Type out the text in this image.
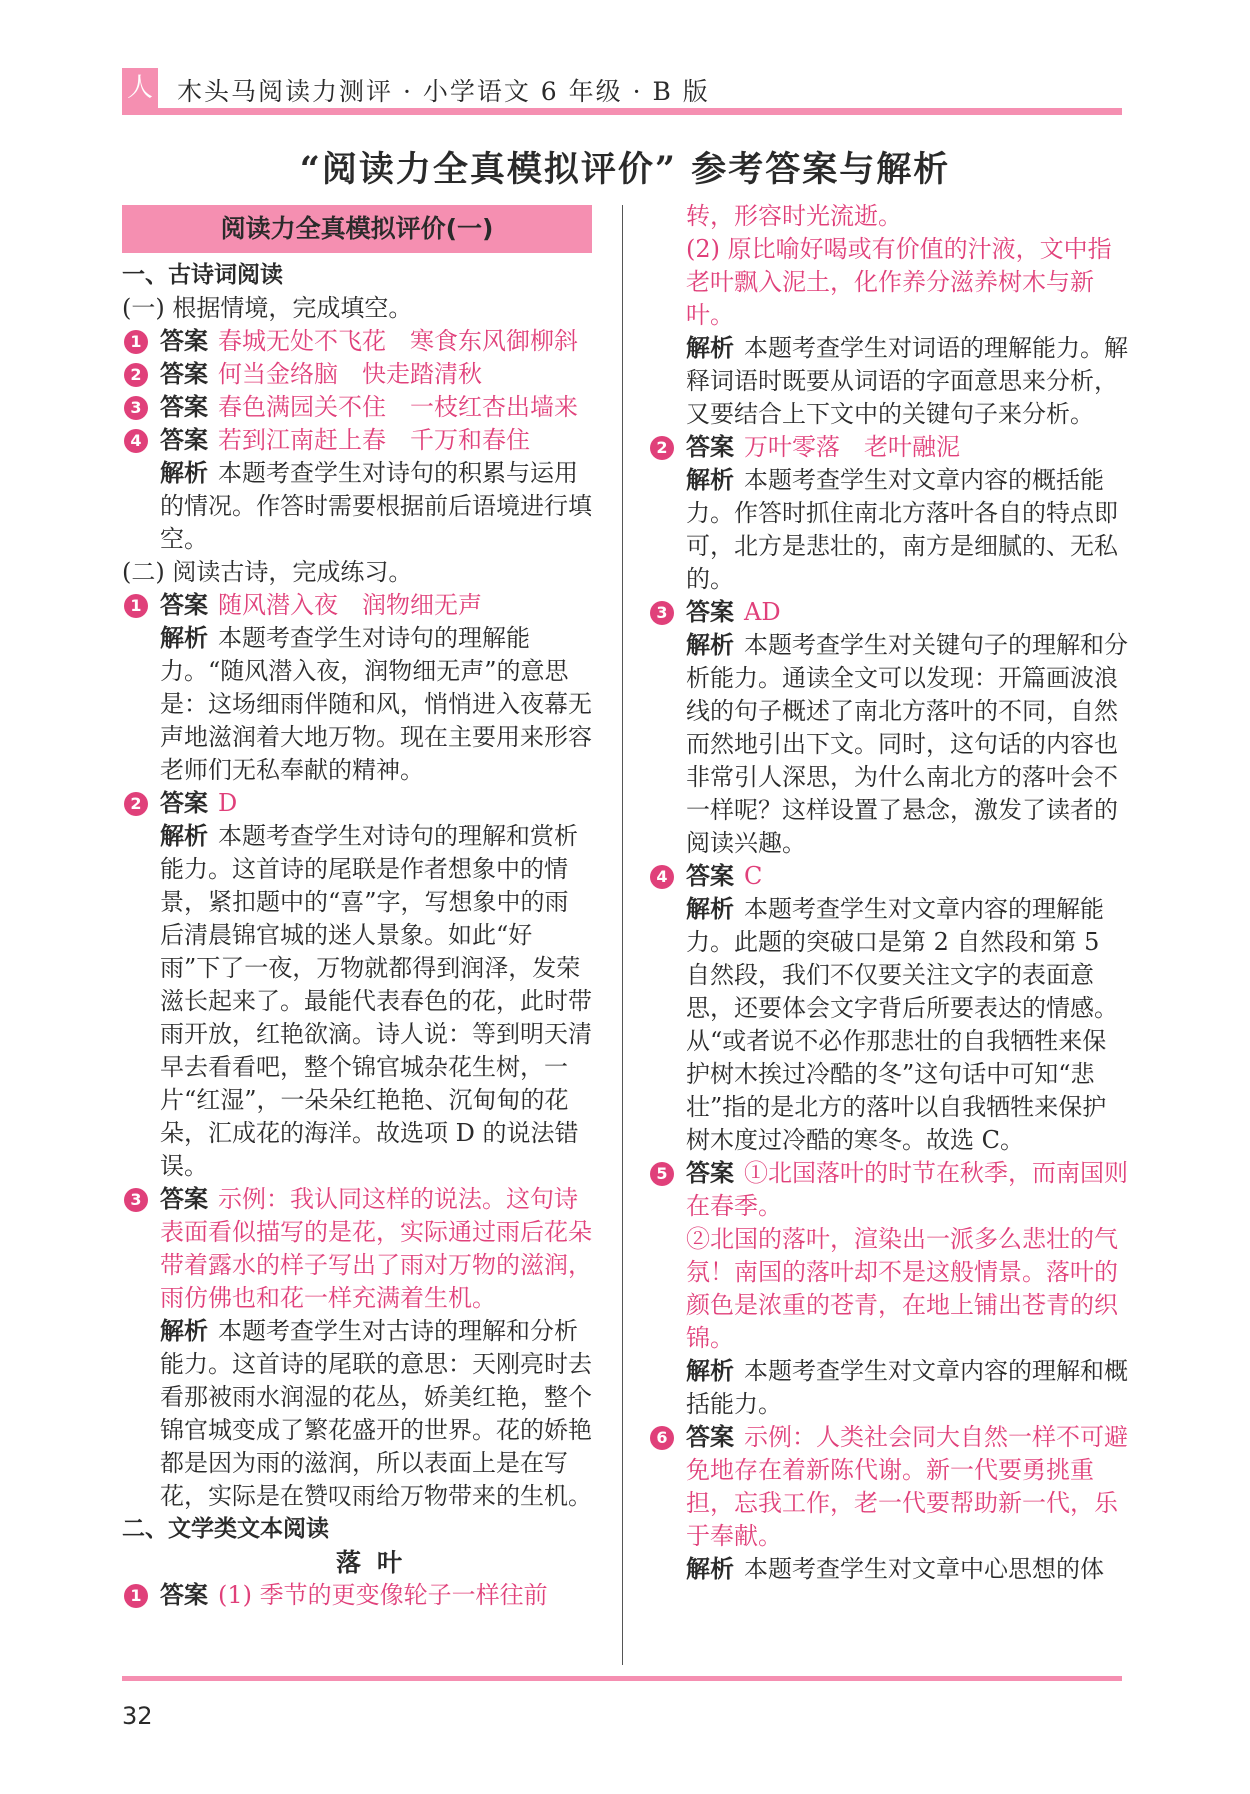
人 木头马阅读力测评 · 小学语文 6 年级 · B 版
“阅读力全真模拟评价” 参考答案与解析
阅读力全真模拟评价(一)
一、古诗词阅读
(一) 根据情境，完成填空。
1 答案 春城无处不飞花　寒食东风御柳斜
2 答案 何当金络脑　快走踏清秋
3 答案 春色满园关不住　一枝红杏出墙来
4 答案 若到江南赶上春　千万和春住
解析 本题考查学生对诗句的积累与运用的情况。作答时需要根据前后语境进行填空。
(二) 阅读古诗，完成练习。
1 答案 随风潜入夜　润物细无声
解析 本题考查学生对诗句的理解能力。“随风潜入夜，润物细无声”的意思是：这场细雨伴随和风，悄悄进入夜幕无声地滋润着大地万物。现在主要用来形容老师们无私奉献的精神。
2 答案 D
解析 本题考查学生对诗句的理解和赏析能力。这首诗的尾联是作者想象中的情景，紧扣题中的“喜”字，写想象中的雨后清晨锦官城的迷人景象。如此“好雨”下了一夜，万物就都得到润泽，发荣滋长起来了。最能代表春色的花，此时带雨开放，红艳欲滴。诗人说：等到明天清早去看看吧，整个锦官城杂花生树，一片“红湿”，一朵朵红艳艳、沉甸甸的花朵，汇成花的海洋。故选项 D 的说法错误。
3 答案 示例：我认同这样的说法。这句诗表面看似描写的是花，实际通过雨后花朵带着露水的样子写出了雨对万物的滋润，雨仿佛也和花一样充满着生机。
解析 本题考查学生对古诗的理解和分析能力。这首诗的尾联的意思：天刚亮时去看那被雨水润湿的花丛，娇美红艳，整个锦官城变成了繁花盛开的世界。花的娇艳都是因为雨的滋润，所以表面上是在写花，实际是在赞叹雨给万物带来的生机。
二、文学类文本阅读
落叶
1 答案 (1) 季节的更变像轮子一样往前
转，形容时光流逝。
(2) 原比喻好喝或有价值的汁液，文中指老叶飘入泥土，化作养分滋养树木与新叶。
解析 本题考查学生对词语的理解能力。解释词语时既要从词语的字面意思来分析，又要结合上下文中的关键句子来分析。
2 答案 万叶零落　老叶融泥
解析 本题考查学生对文章内容的概括能力。作答时抓住南北方落叶各自的特点即可，北方是悲壮的，南方是细腻的、无私的。
3 答案 AD
解析 本题考查学生对关键句子的理解和分析能力。通读全文可以发现：开篇画波浪线的句子概述了南北方落叶的不同，自然而然地引出下文。同时，这句话的内容也非常引人深思，为什么南北方的落叶会不一样呢？这样设置了悬念，激发了读者的阅读兴趣。
4 答案 C
解析 本题考查学生对文章内容的理解能力。此题的突破口是第 2 自然段和第 5 自然段，我们不仅要关注文字的表面意思，还要体会文字背后所要表达的情感。从“或者说不必作那悲壮的自我牺牲来保护树木挨过冷酷的冬”这句话中可知“悲壮”指的是北方的落叶以自我牺牲来保护树木度过冷酷的寒冬。故选 C。
5 答案 ①北国落叶的时节在秋季，而南国则在春季。
②北国的落叶，渲染出一派多么悲壮的气氛！南国的落叶却不是这般情景。落叶的颜色是浓重的苍青，在地上铺出苍青的织锦。
解析 本题考查学生对文章内容的理解和概括能力。
6 答案 示例：人类社会同大自然一样不可避免地存在着新陈代谢。新一代要勇挑重担，忘我工作，老一代要帮助新一代，乐于奉献。
解析 本题考查学生对文章中心思想的体
32
